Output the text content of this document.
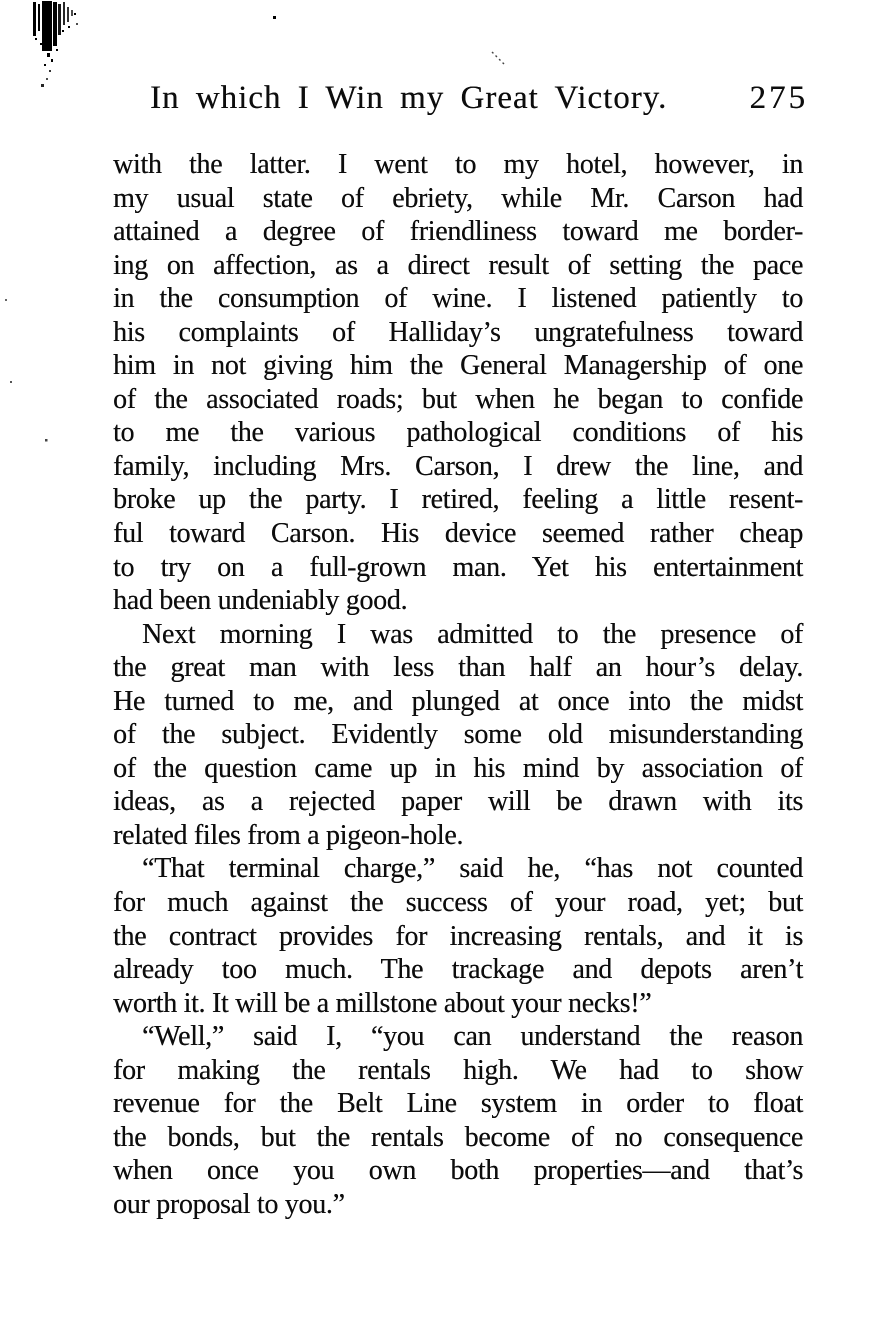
In which I Win my Great Victory. 275
with the latter. I went to my hotel, however, in
my usual state of ebriety, while Mr. Carson had
attained a degree of friendliness toward me border-
ing on affection, as a direct result of setting the pace
in the consumption of wine. I listened patiently to
his complaints of Halliday’s ungratefulness toward
him in not giving him the General Managership of one
of the associated roads; but when he began to confide
to me the various pathological conditions of his
family, including Mrs. Carson, I drew the line, and
broke up the party. I retired, feeling a little resent-
ful toward Carson. His device seemed rather cheap
to try on a full-grown man. Yet his entertainment
had been undeniably good.
Next morning I was admitted to the presence of
the great man with less than half an hour’s delay.
He turned to me, and plunged at once into the midst
of the subject. Evidently some old misunderstanding
of the question came up in his mind by association of
ideas, as a rejected paper will be drawn with its
related files from a pigeon-hole.
“That terminal charge,” said he, “has not counted
for much against the success of your road, yet; but
the contract provides for increasing rentals, and it is
already too much. The trackage and depots aren’t
worth it. It will be a millstone about your necks!”
“Well,” said I, “you can understand the reason
for making the rentals high. We had to show
revenue for the Belt Line system in order to float
the bonds, but the rentals become of no consequence
when once you own both properties—and that’s
our proposal to you.”
